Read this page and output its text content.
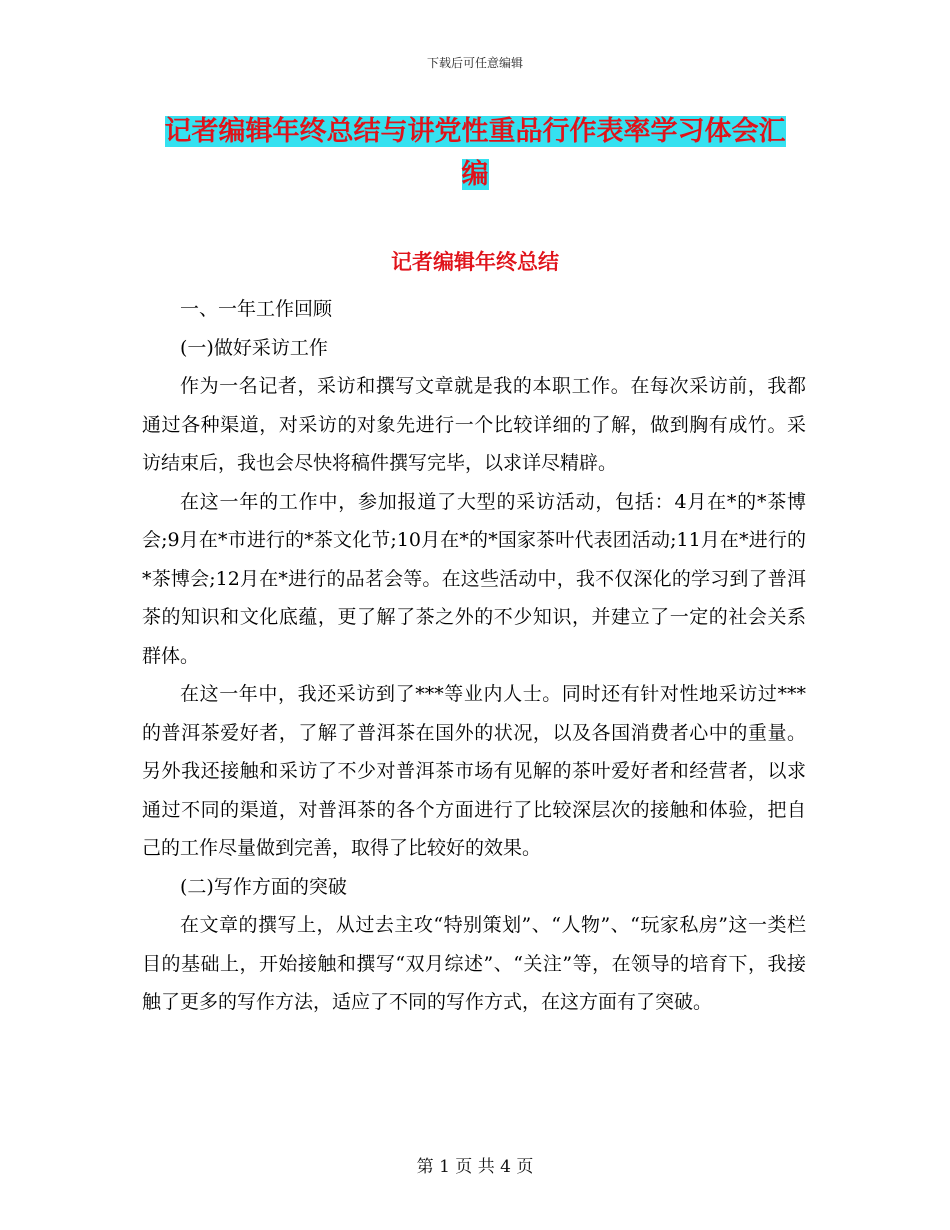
下载后可任意编辑
记者编辑年终总结与讲党性重品行作表率学习体会汇
编
记者编辑年终总结

一、一年工作回顾

(一)做好采访工作

作为一名记者，采访和撰写文章就是我的本职工作。在每次采访前，我都通过各种渠道，对采访的对象先进行一个比较详细的了解，做到胸有成竹。采访结束后，我也会尽快将稿件撰写完毕，以求详尽精辟。

在这一年的工作中，参加报道了大型的采访活动，包括：4月在*的*茶博会;9月在*市进行的*茶文化节;10月在*的*国家茶叶代表团活动;11月在*进行的*茶博会;12月在*进行的品茗会等。在这些活动中，我不仅深化的学习到了普洱茶的知识和文化底蕴，更了解了茶之外的不少知识，并建立了一定的社会关系群体。

在这一年中，我还采访到了***等业内人士。同时还有针对性地采访过***的普洱茶爱好者，了解了普洱茶在国外的状况，以及各国消费者心中的重量。另外我还接触和采访了不少对普洱茶市场有见解的茶叶爱好者和经营者，以求通过不同的渠道，对普洱茶的各个方面进行了比较深层次的接触和体验，把自己的工作尽量做到完善，取得了比较好的效果。

(二)写作方面的突破

在文章的撰写上，从过去主攻“特别策划”、“人物”、“玩家私房”这一类栏目的基础上，开始接触和撰写“双月综述”、“关注”等，在领导的培育下，我接触了更多的写作方法，适应了不同的写作方式，在这方面有了突破。

第 1 页 共 4 页
